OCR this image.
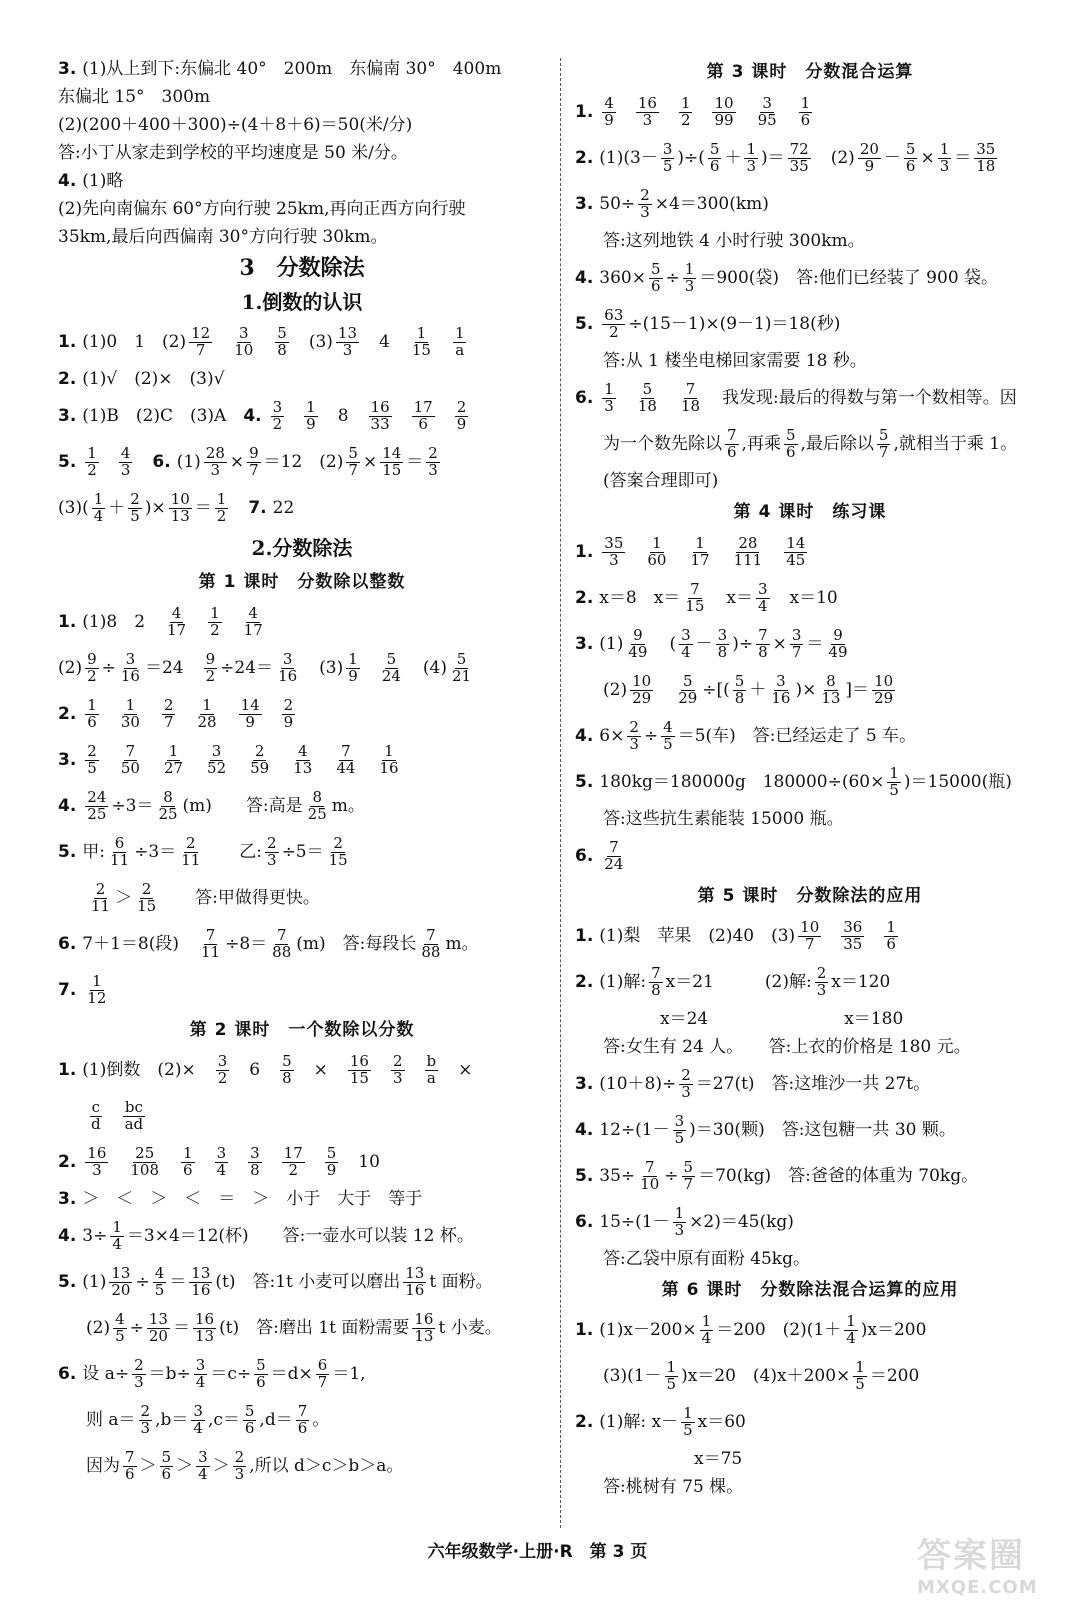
3. (1)从上到下:东偏北 40°　200m　东偏南 30°　400m
东偏北 15°　300m
(2)(200＋400＋300)÷(4＋8＋6)＝50(米/分)
答:小丁从家走到学校的平均速度是 50 米/分。
4. (1)略
(2)先向南偏东 60°方向行驶 25km,再向正西方向行驶
35km,最后向西偏南 30°方向行驶 30km。
3　分数除法
1.倒数的认识
1. (1)0　1　$(2) \frac{12}{7} \frac{3}{10} \frac{5}{8}$ 　$(3) \frac{13}{3}$ 　4　 $\frac{1}{15} \frac{1}{a}$
2. (1)√　(2)×　(3)√
3. (1)B　(2)C　(3)A　 4. $\frac{3}{2} \frac{1}{9}$ 　8　 $\frac{16}{33} \frac{17}{6} \frac{2}{9}$
5. $\frac{1}{2} \frac{4}{3}$
　 6. $(1) \frac{28}{3} \times \frac{9}{7} =12$　$(2) \frac{5}{7} \times \frac{14}{15} = \frac{2}{3}$
$(3)( \frac{1}{4} + \frac{2}{5}$ )× $\frac{10}{13} = \frac{1}{2}$
　 7. 22
2.分数除法
第 1 课时　分数除以整数
1. (1)8　2　 $\frac{4}{17} \frac{1}{2} \frac{4}{17}$
$(2) \frac{9}{2} \div \frac{3}{16} =24$　 $\frac{9}{2} \div 24= \frac{3}{16}$ 　$(3) \frac{1}{9} \frac{5}{24}$ 　$(4) \frac{5}{21}$
2. $\frac{1}{6} \frac{1}{30} \frac{2}{7} \frac{1}{28} \frac{14}{9} \frac{2}{9}$
3. $\frac{2}{5} \frac{7}{50} \frac{1}{27} \frac{3}{52} \frac{2}{59} \frac{4}{13} \frac{7}{44} \frac{1}{16}$
4. $\frac{24}{25} \div 3= \frac{8}{25} (m)$　　答:高是 $\frac{8}{25}$ m。
5. 甲: $\frac{6}{11} \div 3= \frac{2}{11}$ 　　乙: $\frac{2}{3} \div 5= \frac{2}{15}$
$\frac{2}{11} > \frac{2}{15}$ 　　答:甲做得更快。
6. 7＋1＝8(段)　 $\frac{7}{11} \div 8= \frac{7}{88} (m)$　答:每段长 $\frac{7}{88}$ m。
7. $\frac{1}{12}$
第 2 课时　一个数除以分数
1. (1)倒数　(2)×　 $\frac{3}{2}$ 　6　 $\frac{5}{8}$ 　×　 $\frac{16}{15} \frac{2}{3} \frac{b}{a}$ 　×
$\frac{c}{d} \frac{bc}{ad}$
2. $\frac{16}{3} \frac{25}{108} \frac{1}{6} \frac{3}{4} \frac{3}{8} \frac{17}{2} \frac{5}{9}$ 　10
3. ＞　＜　＞　＜　＝　＞　小于　大于　等于
4. $3\div \frac{1}{4} =3\times 4=12$(杯)　　答:一壶水可以装 12 杯。
5. $(1) \frac{13}{20} \div \frac{4}{5} = \frac{13}{16} (t)$　答:1t 小麦可以磨出 $\frac{13}{16}$ t 面粉。
$(2) \frac{4}{5} \div \frac{13}{20} = \frac{16}{13} (t)$　答:磨出 1t 面粉需要 $\frac{16}{13}$ t 小麦。
6. 设 $a\div \frac{2}{3} =b\div \frac{3}{4} =c\div \frac{5}{6} =d\times \frac{6}{7} =1$,
则 $a= \frac{2}{3} ,b= \frac{3}{4} ,c= \frac{5}{6} ,d= \frac{7}{6}$ 。
因为 $\frac{7}{6} > \frac{5}{6} > \frac{3}{4} > \frac{2}{3}$ ,所以 d＞c＞b＞a。
第 3 课时　分数混合运算
1. $\frac{4}{9} \frac{16}{3} \frac{1}{2} \frac{10}{99} \frac{3}{95} \frac{1}{6}$
2. $(1)(3- \frac{3}{5}$ )÷( $\frac{5}{6} + \frac{1}{3}$ )＝ $\frac{72}{35}$ 　$(2) \frac{20}{9} - \frac{5}{6} \times \frac{1}{3} = \frac{35}{18}$
3. $50\div \frac{2}{3} \times 4=300(km)$
答:这列地铁 4 小时行驶 300km。
4. $360\times \frac{5}{6} \div \frac{1}{3} =900$(袋)　答:他们已经装了 900 袋。
5. $\frac{63}{2} \div(15-1)\times(9-1)=18$(秒)
答:从 1 楼坐电梯回家需要 18 秒。
6. $\frac{1}{3} \frac{5}{18} \frac{7}{18}$ 　我发现:最后的得数与第一个数相等。因
为一个数先除以 $\frac{7}{6}$ ,再乘 $\frac{5}{6}$ ,最后除以 $\frac{5}{7}$ ,就相当于乘 1。
(答案合理即可)
第 4 课时　练习课
1. $\frac{35}{3} \frac{1}{60} \frac{1}{17} \frac{28}{111} \frac{14}{45}$
2. x＝8　$x= \frac{7}{15}$ 　$x= \frac{3}{4}$ 　x＝10
3. $(1) \frac{9}{49}$ 　( $\frac{3}{4} - \frac{3}{8}$ )÷ $\frac{7}{8} \times \frac{3}{7} = \frac{9}{49}$
$(2) \frac{10}{29}$
　 $\frac{5}{29}$ ÷[( $\frac{5}{8} + \frac{3}{16}$ )× $\frac{8}{13}$ ]＝ $\frac{10}{29}$
4. $6\times \frac{2}{3} \div \frac{4}{5} =5$(车)　答:已经运走了 5 车。
5. 180kg＝180000g　$180000\div(60\times \frac{1}{5} )=15000$(瓶)
答:这些抗生素能装 15000 瓶。
6. $\frac{7}{24}$
第 5 课时　分数除法的应用
1. (1)梨　苹果　(2)40　$(3) \frac{10}{7} \frac{36}{35} \frac{1}{6}$
2. (1)解: $\frac{7}{8} x=21$　　　(2)解: $\frac{2}{3} x=120$
　　　　　x＝24　　　　　　　　x＝180
答:女生有 24 人。　　答:上衣的价格是 180 元。
3. $(10+8)\div \frac{2}{3} =27(t)$　答:这堆沙一共 27t。
4. $12\div(1- \frac{3}{5} )=30$(颗)　答:这包糖一共 30 颗。
5. $35\div \frac{7}{10} \div \frac{5}{7} =70(kg)$　答:爸爸的体重为 70kg。
6. $15\div(1- \frac{1}{3} \times 2)=45(kg)$
答:乙袋中原有面粉 45kg。
第 6 课时　分数除法混合运算的应用
1. $(1)x-200\times \frac{1}{4} =200$　$(2)(1+ \frac{1}{4} )x=200$
$(3)(1- \frac{1}{5} )x=20$　$(4)x+200\times \frac{1}{5} =200$
2. (1)解: $x- \frac{1}{5} x=60$
　　　　　　　x＝75
答:桃树有 75 棵。
六年级数学·上册·R　第 3 页	答案圈
MXQE.COM
